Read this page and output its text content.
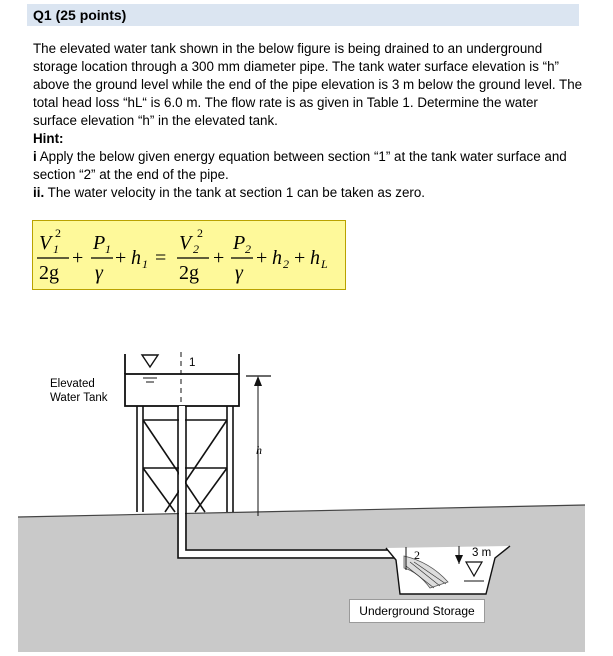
Q1 (25 points)
The elevated water tank shown in the below figure is being drained to an underground storage location through a 300 mm diameter pipe. The tank water surface elevation is “h” above the ground level while the end of the pipe elevation is 3 m below the ground level. The total head loss “hL“ is 6.0 m. The flow rate is as given in Table 1. Determine the water surface elevation “h” in the elevated tank.
Hint:
i Apply the below given energy equation between section “1” at the tank water surface and section “2” at the end of the pipe.
ii. The water velocity in the tank at section 1 can be taken as zero.
V 1
2
2g
+
P 1
γ
+ h 1 =
V 2
2
2g
+
P 2
γ
+ h 2 + h L
1
h
2	3 m
Elevated
Water Tank
Underground Storage
